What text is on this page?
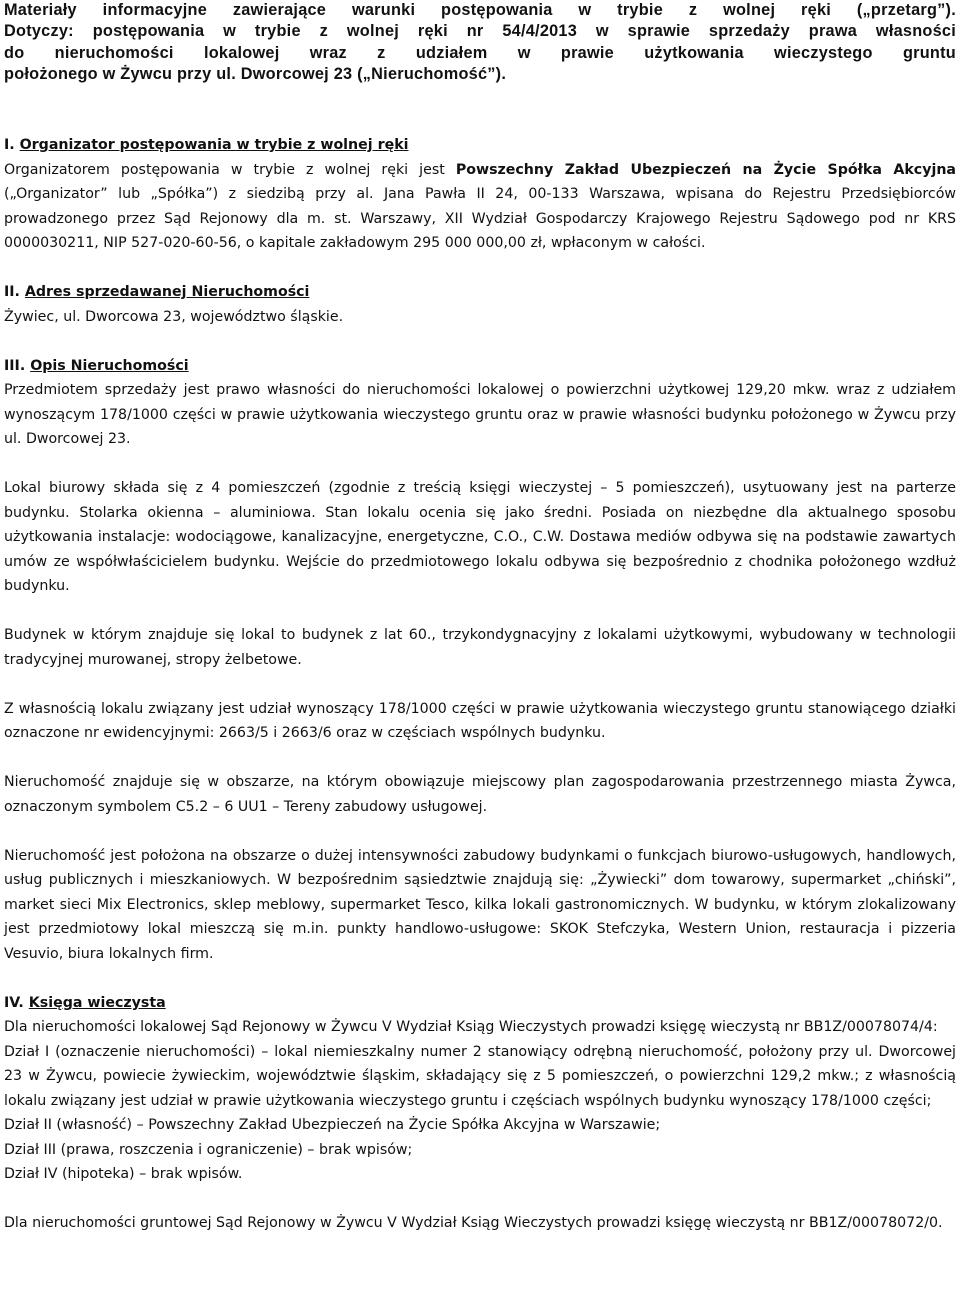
Materiały informacyjne zawierające warunki postępowania w trybie z wolnej ręki („przetarg”).

Dotyczy: postępowania w trybie z wolnej ręki nr 54/4/2013 w sprawie sprzedaży prawa własności

do nieruchomości lokalowej wraz z udziałem w prawie użytkowania wieczystego gruntu

położonego w Żywcu przy ul. Dworcowej 23 („Nieruchomość”).

I. Organizator postępowania w trybie z wolnej ręki

Organizatorem postępowania w trybie z wolnej ręki jest Powszechny Zakład Ubezpieczeń na Życie Spółka Akcyjna („Organizator” lub „Spółka”) z siedzibą przy al. Jana Pawła II 24, 00-133 Warszawa, wpisana do Rejestru Przedsiębiorców prowadzonego przez Sąd Rejonowy dla m. st. Warszawy, XII Wydział Gospodarczy Krajowego Rejestru Sądowego pod nr KRS 0000030211, NIP 527-020-60-56, o kapitale zakładowym 295 000 000,00 zł, wpłaconym w całości.

II. Adres sprzedawanej Nieruchomości

Żywiec, ul. Dworcowa 23, województwo śląskie.

III. Opis Nieruchomości

Przedmiotem sprzedaży jest prawo własności do nieruchomości lokalowej o powierzchni użytkowej 129,20 mkw. wraz z udziałem wynoszącym 178/1000 części w prawie użytkowania wieczystego gruntu oraz w prawie własności budynku położonego w Żywcu przy ul. Dworcowej 23.

Lokal biurowy składa się z 4 pomieszczeń (zgodnie z treścią księgi wieczystej – 5 pomieszczeń), usytuowany jest na parterze budynku. Stolarka okienna – aluminiowa. Stan lokalu ocenia się jako średni. Posiada on niezbędne dla aktualnego sposobu użytkowania instalacje: wodociągowe, kanalizacyjne, energetyczne, C.O., C.W. Dostawa mediów odbywa się na podstawie zawartych umów ze współwłaścicielem budynku. Wejście do przedmiotowego lokalu odbywa się bezpośrednio z chodnika położonego wzdłuż budynku.

Budynek w którym znajduje się lokal to budynek z lat 60., trzykondygnacyjny z lokalami użytkowymi, wybudowany w technologii tradycyjnej murowanej, stropy żelbetowe.

Z własnością lokalu związany jest udział wynoszący 178/1000 części w prawie użytkowania wieczystego gruntu stanowiącego działki oznaczone nr ewidencyjnymi: 2663/5 i 2663/6 oraz w częściach wspólnych budynku.

Nieruchomość znajduje się w obszarze, na którym obowiązuje miejscowy plan zagospodarowania przestrzennego miasta Żywca, oznaczonym symbolem C5.2 – 6 UU1 – Tereny zabudowy usługowej.

Nieruchomość jest położona na obszarze o dużej intensywności zabudowy budynkami o funkcjach biurowo-usługowych, handlowych, usług publicznych i mieszkaniowych. W bezpośrednim sąsiedztwie znajdują się: „Żywiecki” dom towarowy, supermarket „chiński”, market sieci Mix Electronics, sklep meblowy, supermarket Tesco, kilka lokali gastronomicznych. W budynku, w którym zlokalizowany jest przedmiotowy lokal mieszczą się m.in. punkty handlowo-usługowe: SKOK Stefczyka, Western Union, restauracja i pizzeria Vesuvio, biura lokalnych firm.

IV. Księga wieczysta

Dla nieruchomości lokalowej Sąd Rejonowy w Żywcu V Wydział Ksiąg Wieczystych prowadzi księgę wieczystą nr BB1Z/00078074/4:

Dział I (oznaczenie nieruchomości) – lokal niemieszkalny numer 2 stanowiący odrębną nieruchomość, położony przy ul. Dworcowej 23 w Żywcu, powiecie żywieckim, województwie śląskim, składający się z 5 pomieszczeń, o powierzchni 129,2 mkw.; z własnością lokalu związany jest udział w prawie użytkowania wieczystego gruntu i częściach wspólnych budynku wynoszący 178/1000 części;

Dział II (własność) – Powszechny Zakład Ubezpieczeń na Życie Spółka Akcyjna w Warszawie;

Dział III (prawa, roszczenia i ograniczenie) – brak wpisów;

Dział IV (hipoteka) – brak wpisów.

Dla nieruchomości gruntowej Sąd Rejonowy w Żywcu V Wydział Ksiąg Wieczystych prowadzi księgę wieczystą nr BB1Z/00078072/0.
